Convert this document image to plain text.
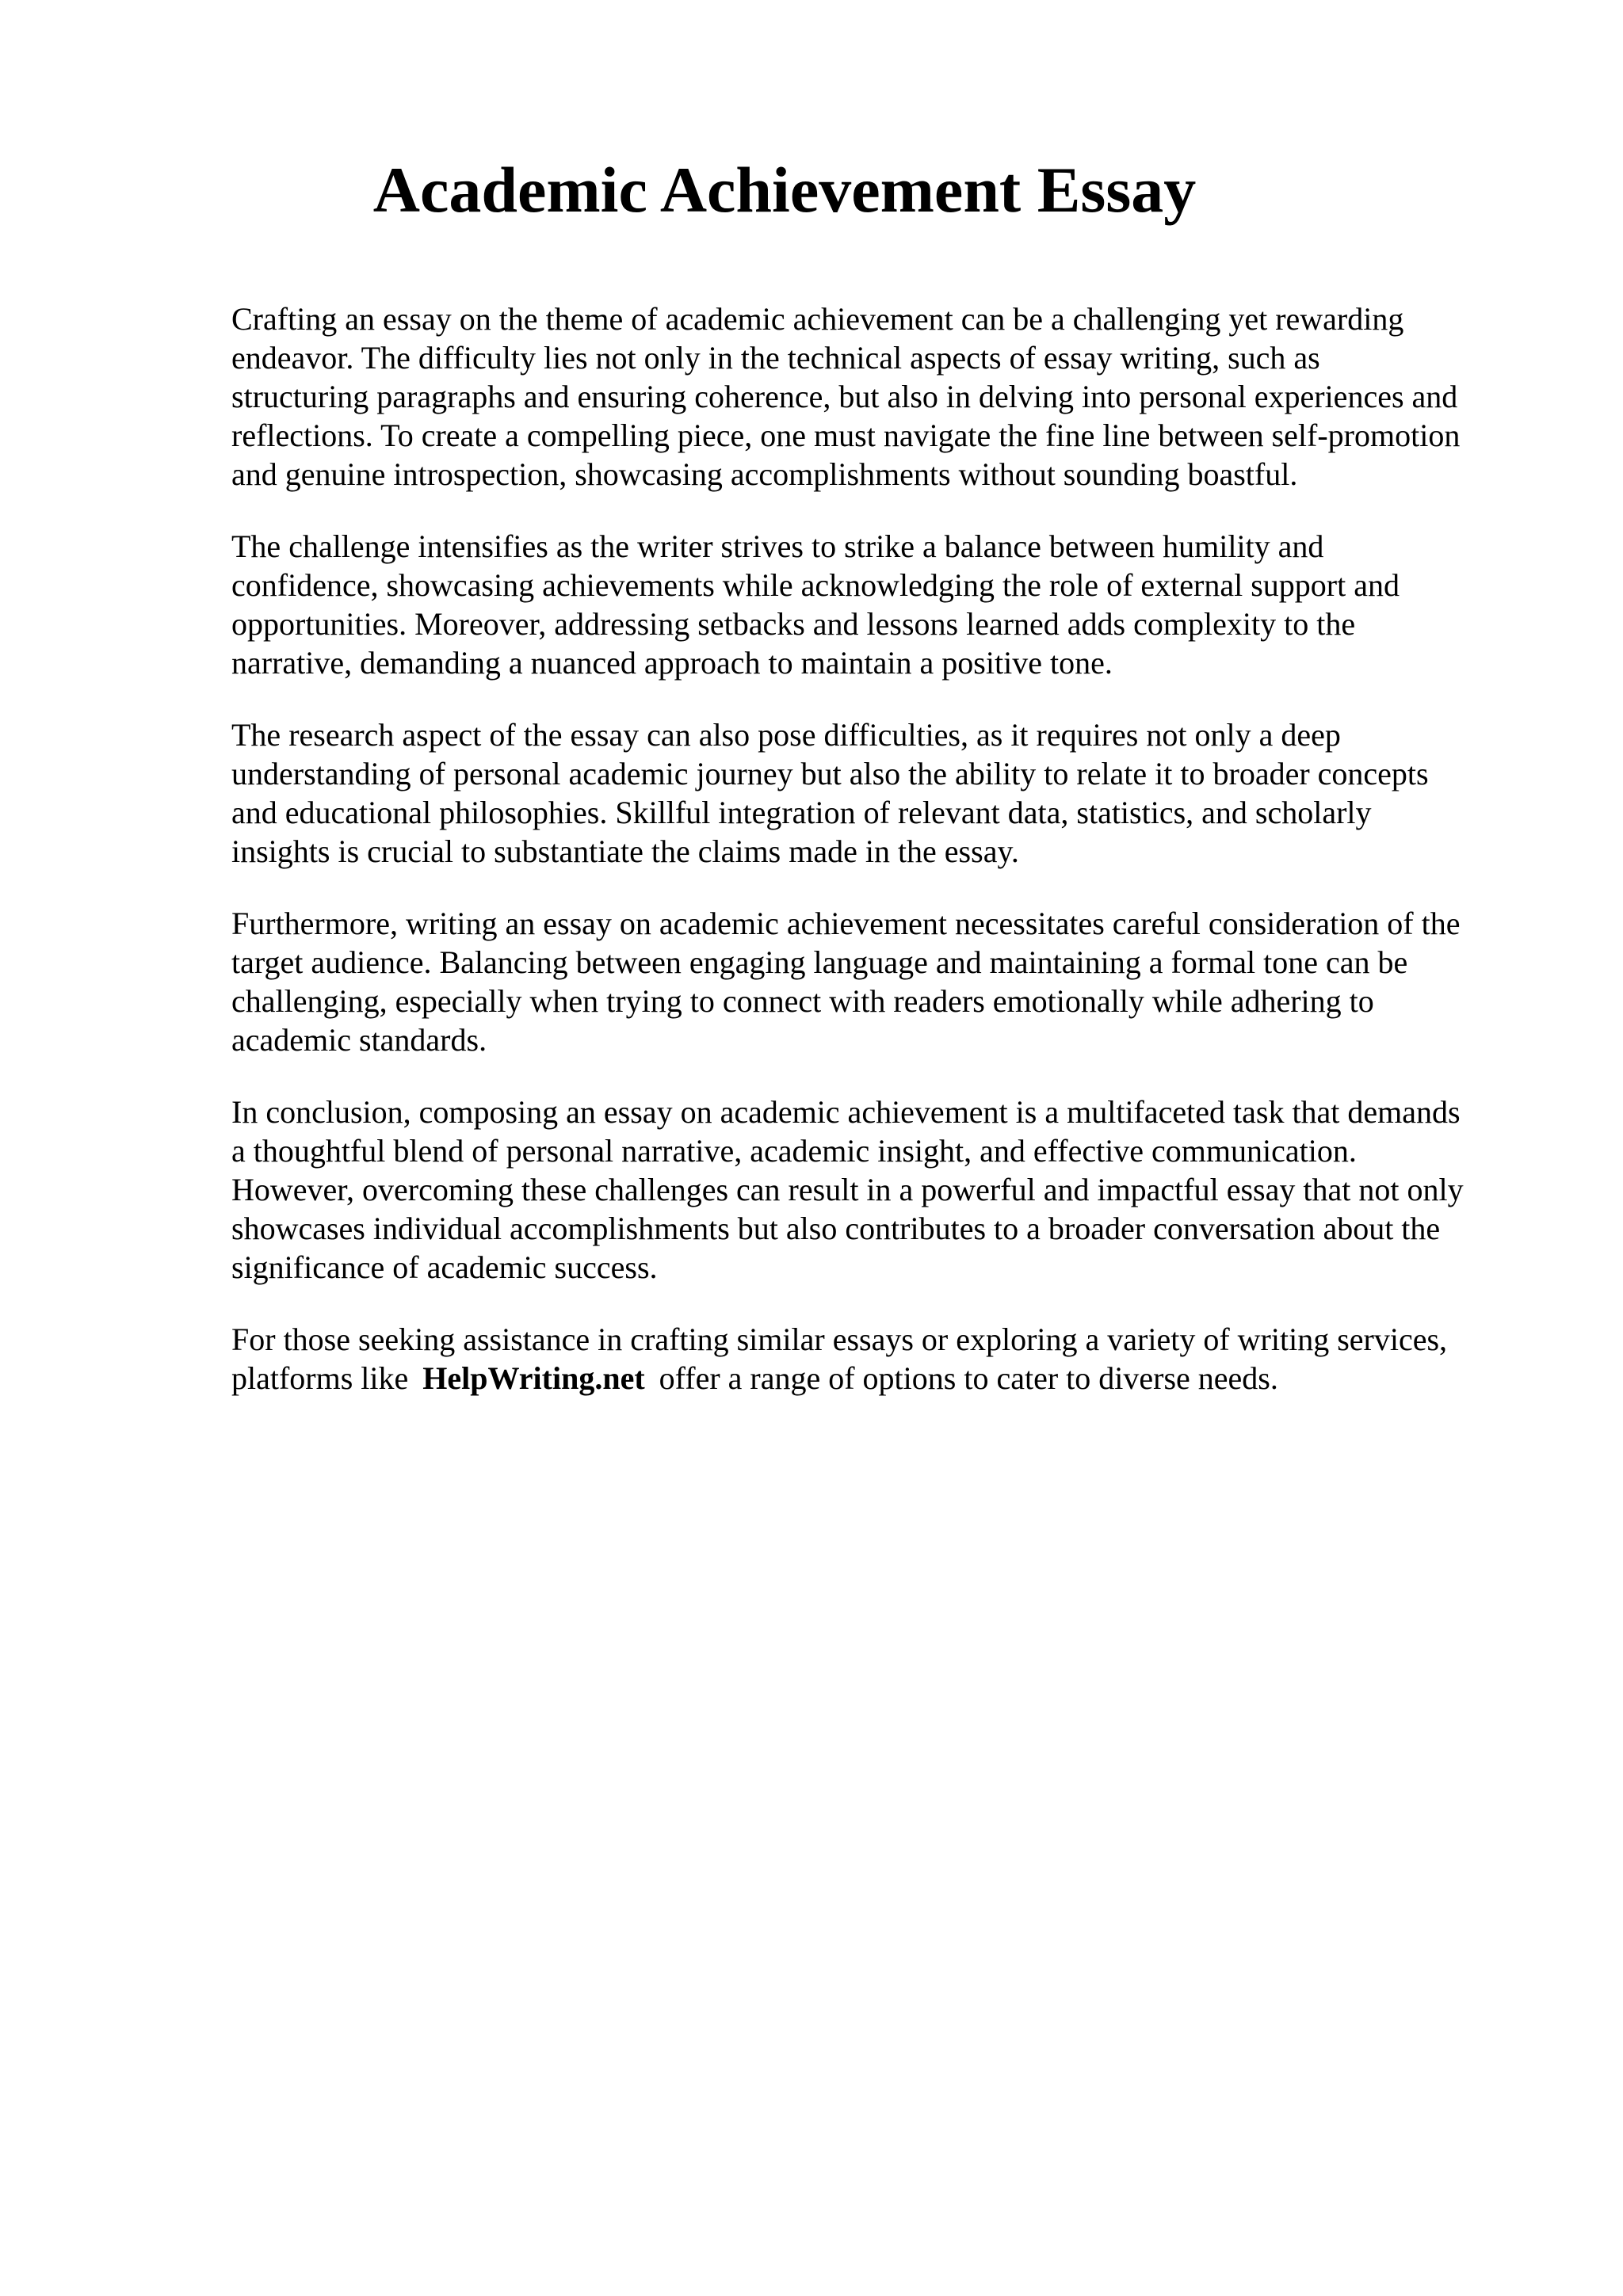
Academic Achievement Essay

Crafting an essay on the theme of academic achievement can be a challenging yet rewarding
endeavor. The difficulty lies not only in the technical aspects of essay writing, such as
structuring paragraphs and ensuring coherence, but also in delving into personal experiences and
reflections. To create a compelling piece, one must navigate the fine line between self-promotion
and genuine introspection, showcasing accomplishments without sounding boastful.

The challenge intensifies as the writer strives to strike a balance between humility and
confidence, showcasing achievements while acknowledging the role of external support and
opportunities. Moreover, addressing setbacks and lessons learned adds complexity to the
narrative, demanding a nuanced approach to maintain a positive tone.

The research aspect of the essay can also pose difficulties, as it requires not only a deep
understanding of personal academic journey but also the ability to relate it to broader concepts
and educational philosophies. Skillful integration of relevant data, statistics, and scholarly
insights is crucial to substantiate the claims made in the essay.

Furthermore, writing an essay on academic achievement necessitates careful consideration of the
target audience. Balancing between engaging language and maintaining a formal tone can be
challenging, especially when trying to connect with readers emotionally while adhering to
academic standards.

In conclusion, composing an essay on academic achievement is a multifaceted task that demands
a thoughtful blend of personal narrative, academic insight, and effective communication.
However, overcoming these challenges can result in a powerful and impactful essay that not only
showcases individual accomplishments but also contributes to a broader conversation about the
significance of academic success.

For those seeking assistance in crafting similar essays or exploring a variety of writing services,
platforms like HelpWriting.net offer a range of options to cater to diverse needs.
